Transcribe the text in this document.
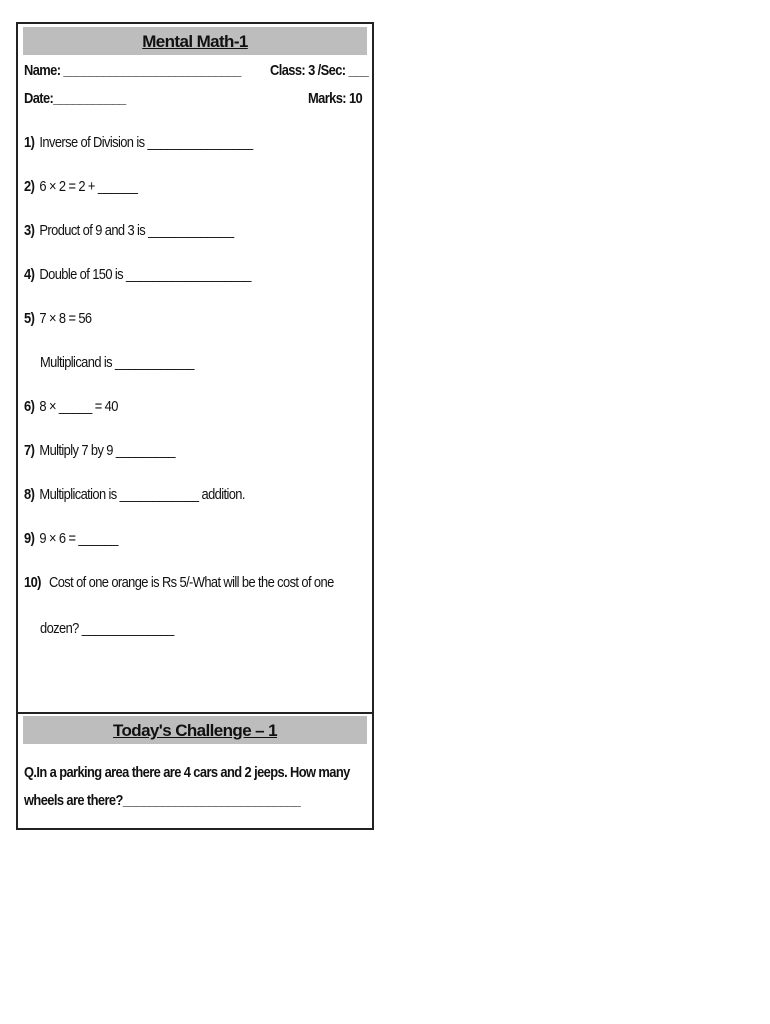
Mental Math-1
Name: ___________________________ Class: 3 /Sec: ___
Date:___________	Marks: 10
1) Inverse of Division is ________________
2) 6 × 2 = 2 + ______
3) Product of 9 and 3 is _____________
4) Double of 150 is ___________________
5) 7 × 8 = 56
Multiplicand is ____________
6) 8 × _____ = 40
7) Multiply 7 by 9 _________
8) Multiplication is ____________ addition.
9) 9 × 6 = ______
10) Cost of one orange is Rs 5/-What will be the cost of one
dozen? ______________
Today's Challenge – 1
Q.In a parking area there are 4 cars and 2 jeeps. How many
wheels are there?___________________________
